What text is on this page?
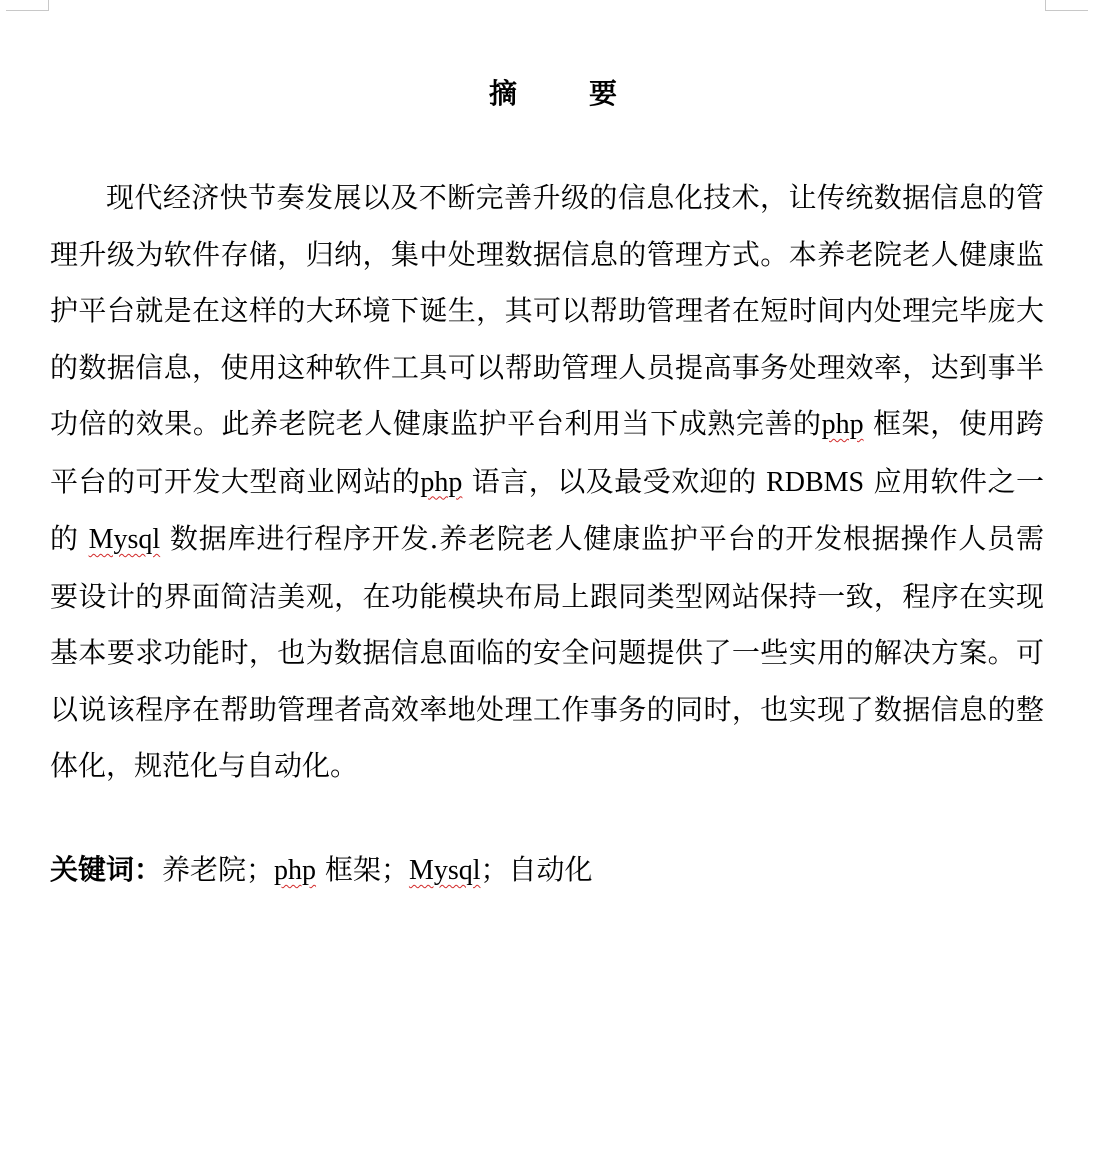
摘　要
现代经济快节奏发展以及不断完善升级的信息化技术，让传统数据信息的管
理升级为软件存储，归纳，集中处理数据信息的管理方式。本养老院老人健康监
护平台就是在这样的大环境下诞生，其可以帮助管理者在短时间内处理完毕庞大
的数据信息，使用这种软件工具可以帮助管理人员提高事务处理效率，达到事半
功倍的效果。此养老院老人健康监护平台利用当下成熟完善的php 框架，使用跨
平台的可开发大型商业网站的php 语言，以及最受欢迎的 RDBMS 应用软件之一
的 Mysql 数据库进行程序开发.养老院老人健康监护平台的开发根据操作人员需
要设计的界面简洁美观，在功能模块布局上跟同类型网站保持一致，程序在实现
基本要求功能时，也为数据信息面临的安全问题提供了一些实用的解决方案。可
以说该程序在帮助管理者高效率地处理工作事务的同时，也实现了数据信息的整
体化，规范化与自动化。
关键词：养老院；php 框架；Mysql；自动化
